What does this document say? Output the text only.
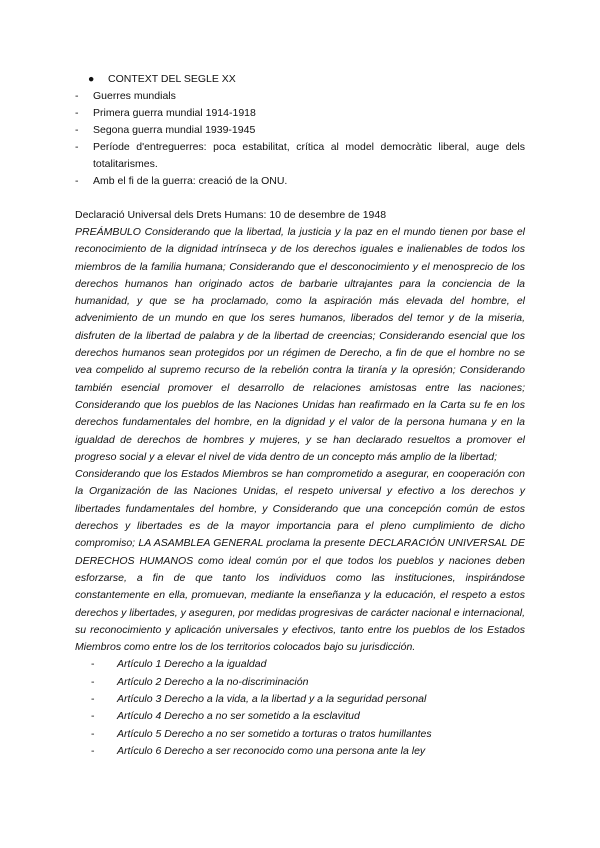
● CONTEXT DEL SEGLE XX
- Guerres mundials
- Primera guerra mundial 1914-1918
- Segona guerra mundial 1939-1945
- Període d'entreguerres: poca estabilitat, crítica al model democràtic liberal, auge dels totalitarismes.
- Amb el fi de la guerra: creació de la ONU.
Declaració Universal dels Drets Humans: 10 de desembre de 1948

PREÁMBULO Considerando que la libertad, la justicia y la paz en el mundo tienen por base el reconocimiento de la dignidad intrínseca y de los derechos iguales e inalienables de todos los miembros de la familia humana; Considerando que el desconocimiento y el menosprecio de los derechos humanos han originado actos de barbarie ultrajantes para la conciencia de la humanidad, y que se ha proclamado, como la aspiración más elevada del hombre, el advenimiento de un mundo en que los seres humanos, liberados del temor y de la miseria, disfruten de la libertad de palabra y de la libertad de creencias; Considerando esencial que los derechos humanos sean protegidos por un régimen de Derecho, a fin de que el hombre no se vea compelido al supremo recurso de la rebelión contra la tiranía y la opresión; Considerando también esencial promover el desarrollo de relaciones amistosas entre las naciones; Considerando que los pueblos de las Naciones Unidas han reafirmado en la Carta su fe en los derechos fundamentales del hombre, en la dignidad y el valor de la persona humana y en la igualdad de derechos de hombres y mujeres, y se han declarado resueltos a promover el progreso social y a elevar el nivel de vida dentro de un concepto más amplio de la libertad;

Considerando que los Estados Miembros se han comprometido a asegurar, en cooperación con la Organización de las Naciones Unidas, el respeto universal y efectivo a los derechos y libertades fundamentales del hombre, y Considerando que una concepción común de estos derechos y libertades es de la mayor importancia para el pleno cumplimiento de dicho compromiso; LA ASAMBLEA GENERAL proclama la presente DECLARACIÓN UNIVERSAL DE DERECHOS HUMANOS como ideal común por el que todos los pueblos y naciones deben esforzarse, a fin de que tanto los individuos como las instituciones, inspirándose constantemente en ella, promuevan, mediante la enseñanza y la educación, el respeto a estos derechos y libertades, y aseguren, por medidas progresivas de carácter nacional e internacional, su reconocimiento y aplicación universales y efectivos, tanto entre los pueblos de los Estados Miembros como entre los de los territorios colocados bajo su jurisdicción.

- Artículo 1 Derecho a la igualdad
- Artículo 2 Derecho a la no-discriminación
- Artículo 3 Derecho a la vida, a la libertad y a la seguridad personal
- Artículo 4 Derecho a no ser sometido a la esclavitud
- Artículo 5 Derecho a no ser sometido a torturas o tratos humillantes
- Artículo 6 Derecho a ser reconocido como una persona ante la ley
